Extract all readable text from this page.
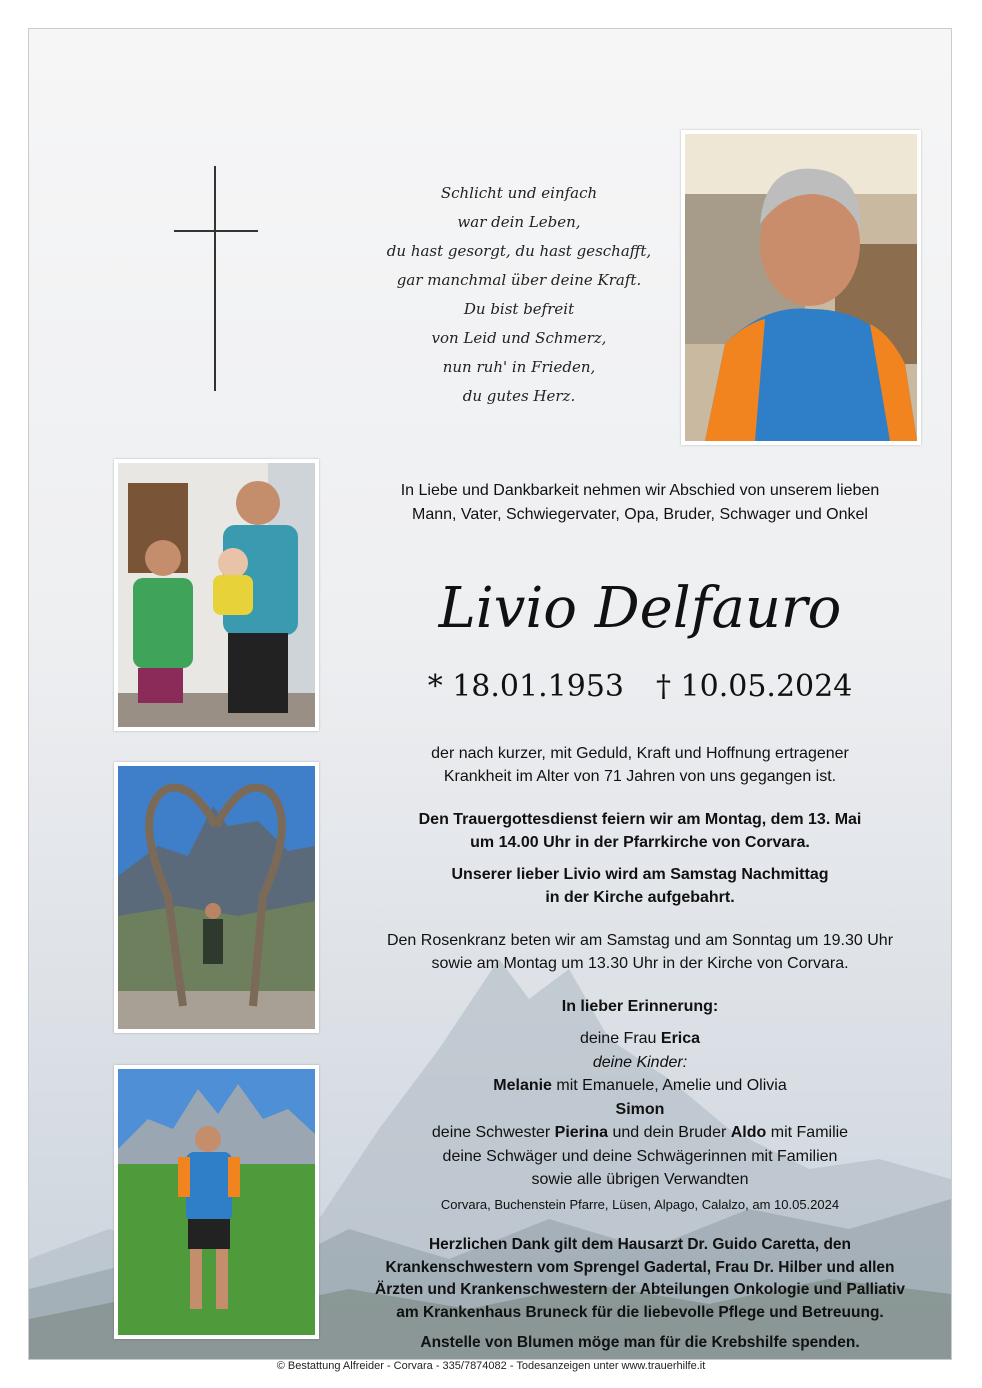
Schlicht und einfach
war dein Leben,
du hast gesorgt, du hast geschafft,
gar manchmal über deine Kraft.
Du bist befreit
von Leid und Schmerz,
nun ruh' in Frieden,
du gutes Herz.
In Liebe und Dankbarkeit nehmen wir Abschied von unserem lieben
Mann, Vater, Schwiegervater, Opa, Bruder, Schwager und Onkel
Livio Delfauro
* 18.01.1953 † 10.05.2024
der nach kurzer, mit Geduld, Kraft und Hoffnung ertragener
Krankheit im Alter von 71 Jahren von uns gegangen ist.
Den Trauergottesdienst feiern wir am Montag, dem 13. Mai
um 14.00 Uhr in der Pfarrkirche von Corvara.
Unserer lieber Livio wird am Samstag Nachmittag
in der Kirche aufgebahrt.
Den Rosenkranz beten wir am Samstag und am Sonntag um 19.30 Uhr
sowie am Montag um 13.30 Uhr in der Kirche von Corvara.
In lieber Erinnerung:
deine Frau Erica
deine Kinder:
Melanie mit Emanuele, Amelie und Olivia
Simon
deine Schwester Pierina und dein Bruder Aldo mit Familie
deine Schwäger und deine Schwägerinnen mit Familien
sowie alle übrigen Verwandten
Corvara, Buchenstein Pfarre, Lüsen, Alpago, Calalzo, am 10.05.2024
Herzlichen Dank gilt dem Hausarzt Dr. Guido Caretta, den
Krankenschwestern vom Sprengel Gadertal, Frau Dr. Hilber und allen
Ärzten und Krankenschwestern der Abteilungen Onkologie und Palliativ
am Krankenhaus Bruneck für die liebevolle Pflege und Betreuung.
Anstelle von Blumen möge man für die Krebshilfe spenden.
© Bestattung Alfreider - Corvara - 335/7874082 - Todesanzeigen unter www.trauerhilfe.it
